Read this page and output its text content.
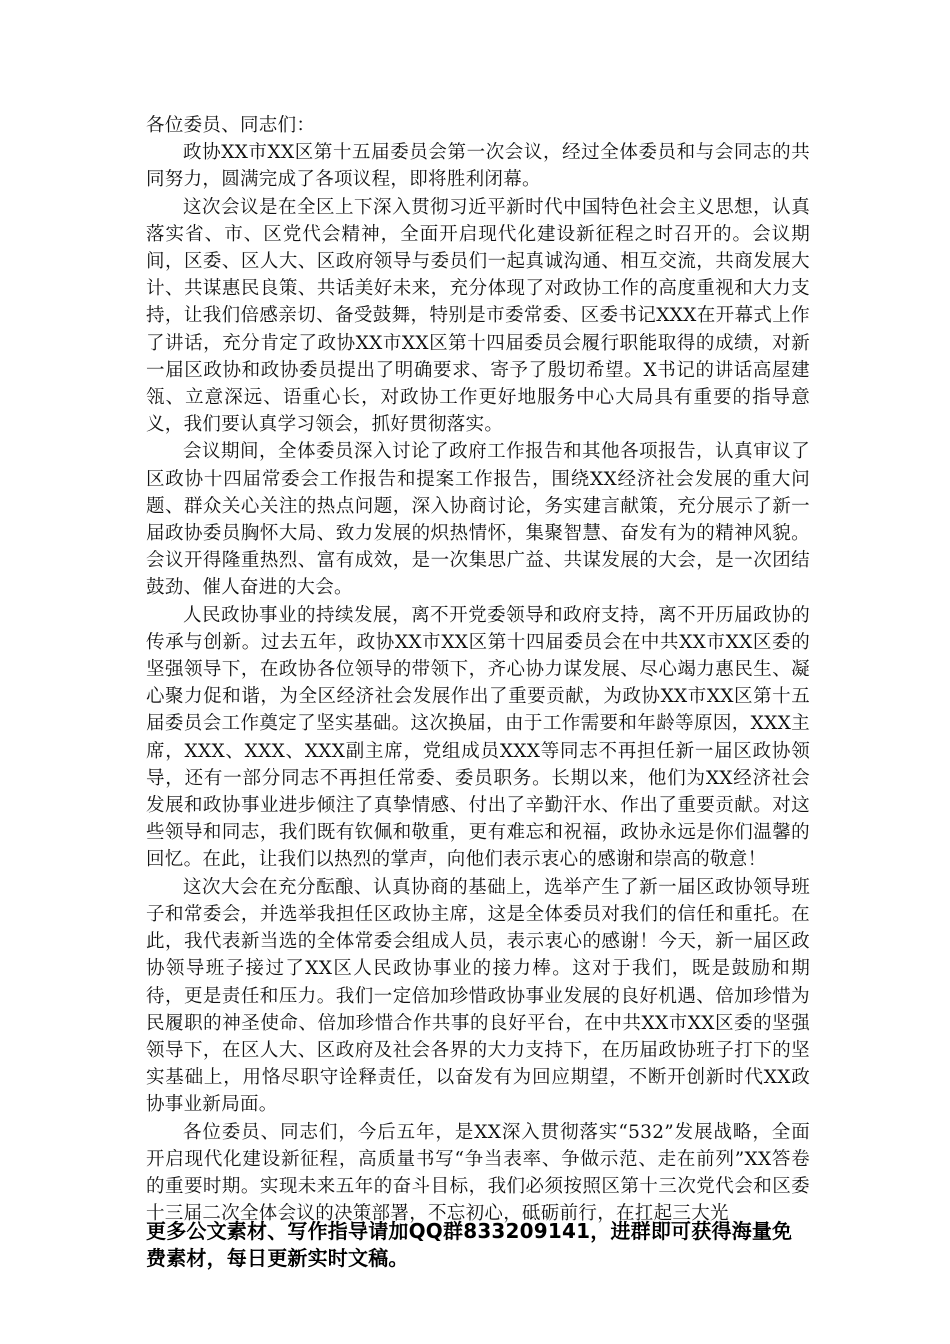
各位委员、同志们：

政协XX市XX区第十五届委员会第一次会议，经过全体委员和与会同志的共同努力，圆满完成了各项议程，即将胜利闭幕。

这次会议是在全区上下深入贯彻习近平新时代中国特色社会主义思想，认真落实省、市、区党代会精神，全面开启现代化建设新征程之时召开的。会议期间，区委、区人大、区政府领导与委员们一起真诚沟通、相互交流，共商发展大计、共谋惠民良策、共话美好未来，充分体现了对政协工作的高度重视和大力支持，让我们倍感亲切、备受鼓舞，特别是市委常委、区委书记XXX在开幕式上作了讲话，充分肯定了政协XX市XX区第十四届委员会履行职能取得的成绩，对新一届区政协和政协委员提出了明确要求、寄予了殷切希望。X书记的讲话高屋建瓴、立意深远、语重心长，对政协工作更好地服务中心大局具有重要的指导意义，我们要认真学习领会，抓好贯彻落实。

会议期间，全体委员深入讨论了政府工作报告和其他各项报告，认真审议了区政协十四届常委会工作报告和提案工作报告，围绕XX经济社会发展的重大问题、群众关心关注的热点问题，深入协商讨论，务实建言献策，充分展示了新一届政协委员胸怀大局、致力发展的炽热情怀，集聚智慧、奋发有为的精神风貌。会议开得隆重热烈、富有成效，是一次集思广益、共谋发展的大会，是一次团结鼓劲、催人奋进的大会。

人民政协事业的持续发展，离不开党委领导和政府支持，离不开历届政协的传承与创新。过去五年，政协XX市XX区第十四届委员会在中共XX市XX区委的坚强领导下，在政协各位领导的带领下，齐心协力谋发展、尽心竭力惠民生、凝心聚力促和谐，为全区经济社会发展作出了重要贡献，为政协XX市XX区第十五届委员会工作奠定了坚实基础。这次换届，由于工作需要和年龄等原因，XXX主席，XXX、XXX、XXX副主席，党组成员XXX等同志不再担任新一届区政协领导，还有一部分同志不再担任常委、委员职务。长期以来，他们为XX经济社会发展和政协事业进步倾注了真挚情感、付出了辛勤汗水、作出了重要贡献。对这些领导和同志，我们既有钦佩和敬重，更有难忘和祝福，政协永远是你们温馨的回忆。在此，让我们以热烈的掌声，向他们表示衷心的感谢和崇高的敬意！

这次大会在充分酝酿、认真协商的基础上，选举产生了新一届区政协领导班子和常委会，并选举我担任区政协主席，这是全体委员对我们的信任和重托。在此，我代表新当选的全体常委会组成人员，表示衷心的感谢！今天，新一届区政协领导班子接过了XX区人民政协事业的接力棒。这对于我们，既是鼓励和期待，更是责任和压力。我们一定倍加珍惜政协事业发展的良好机遇、倍加珍惜为民履职的神圣使命、倍加珍惜合作共事的良好平台，在中共XX市XX区委的坚强领导下，在区人大、区政府及社会各界的大力支持下，在历届政协班子打下的坚实基础上，用恪尽职守诠释责任，以奋发有为回应期望，不断开创新时代XX政协事业新局面。

各位委员、同志们，今后五年，是XX深入贯彻落实“532”发展战略，全面开启现代化建设新征程，高质量书写“争当表率、争做示范、走在前列”XX答卷的重要时期。实现未来五年的奋斗目标，我们必须按照区第十三次党代会和区委十三届二次全体会议的决策部署，不忘初心，砥砺前行，在扛起三大光

更多公文素材、写作指导请加QQ群833209141，进群即可获得海量免费素材，每日更新实时文稿。
